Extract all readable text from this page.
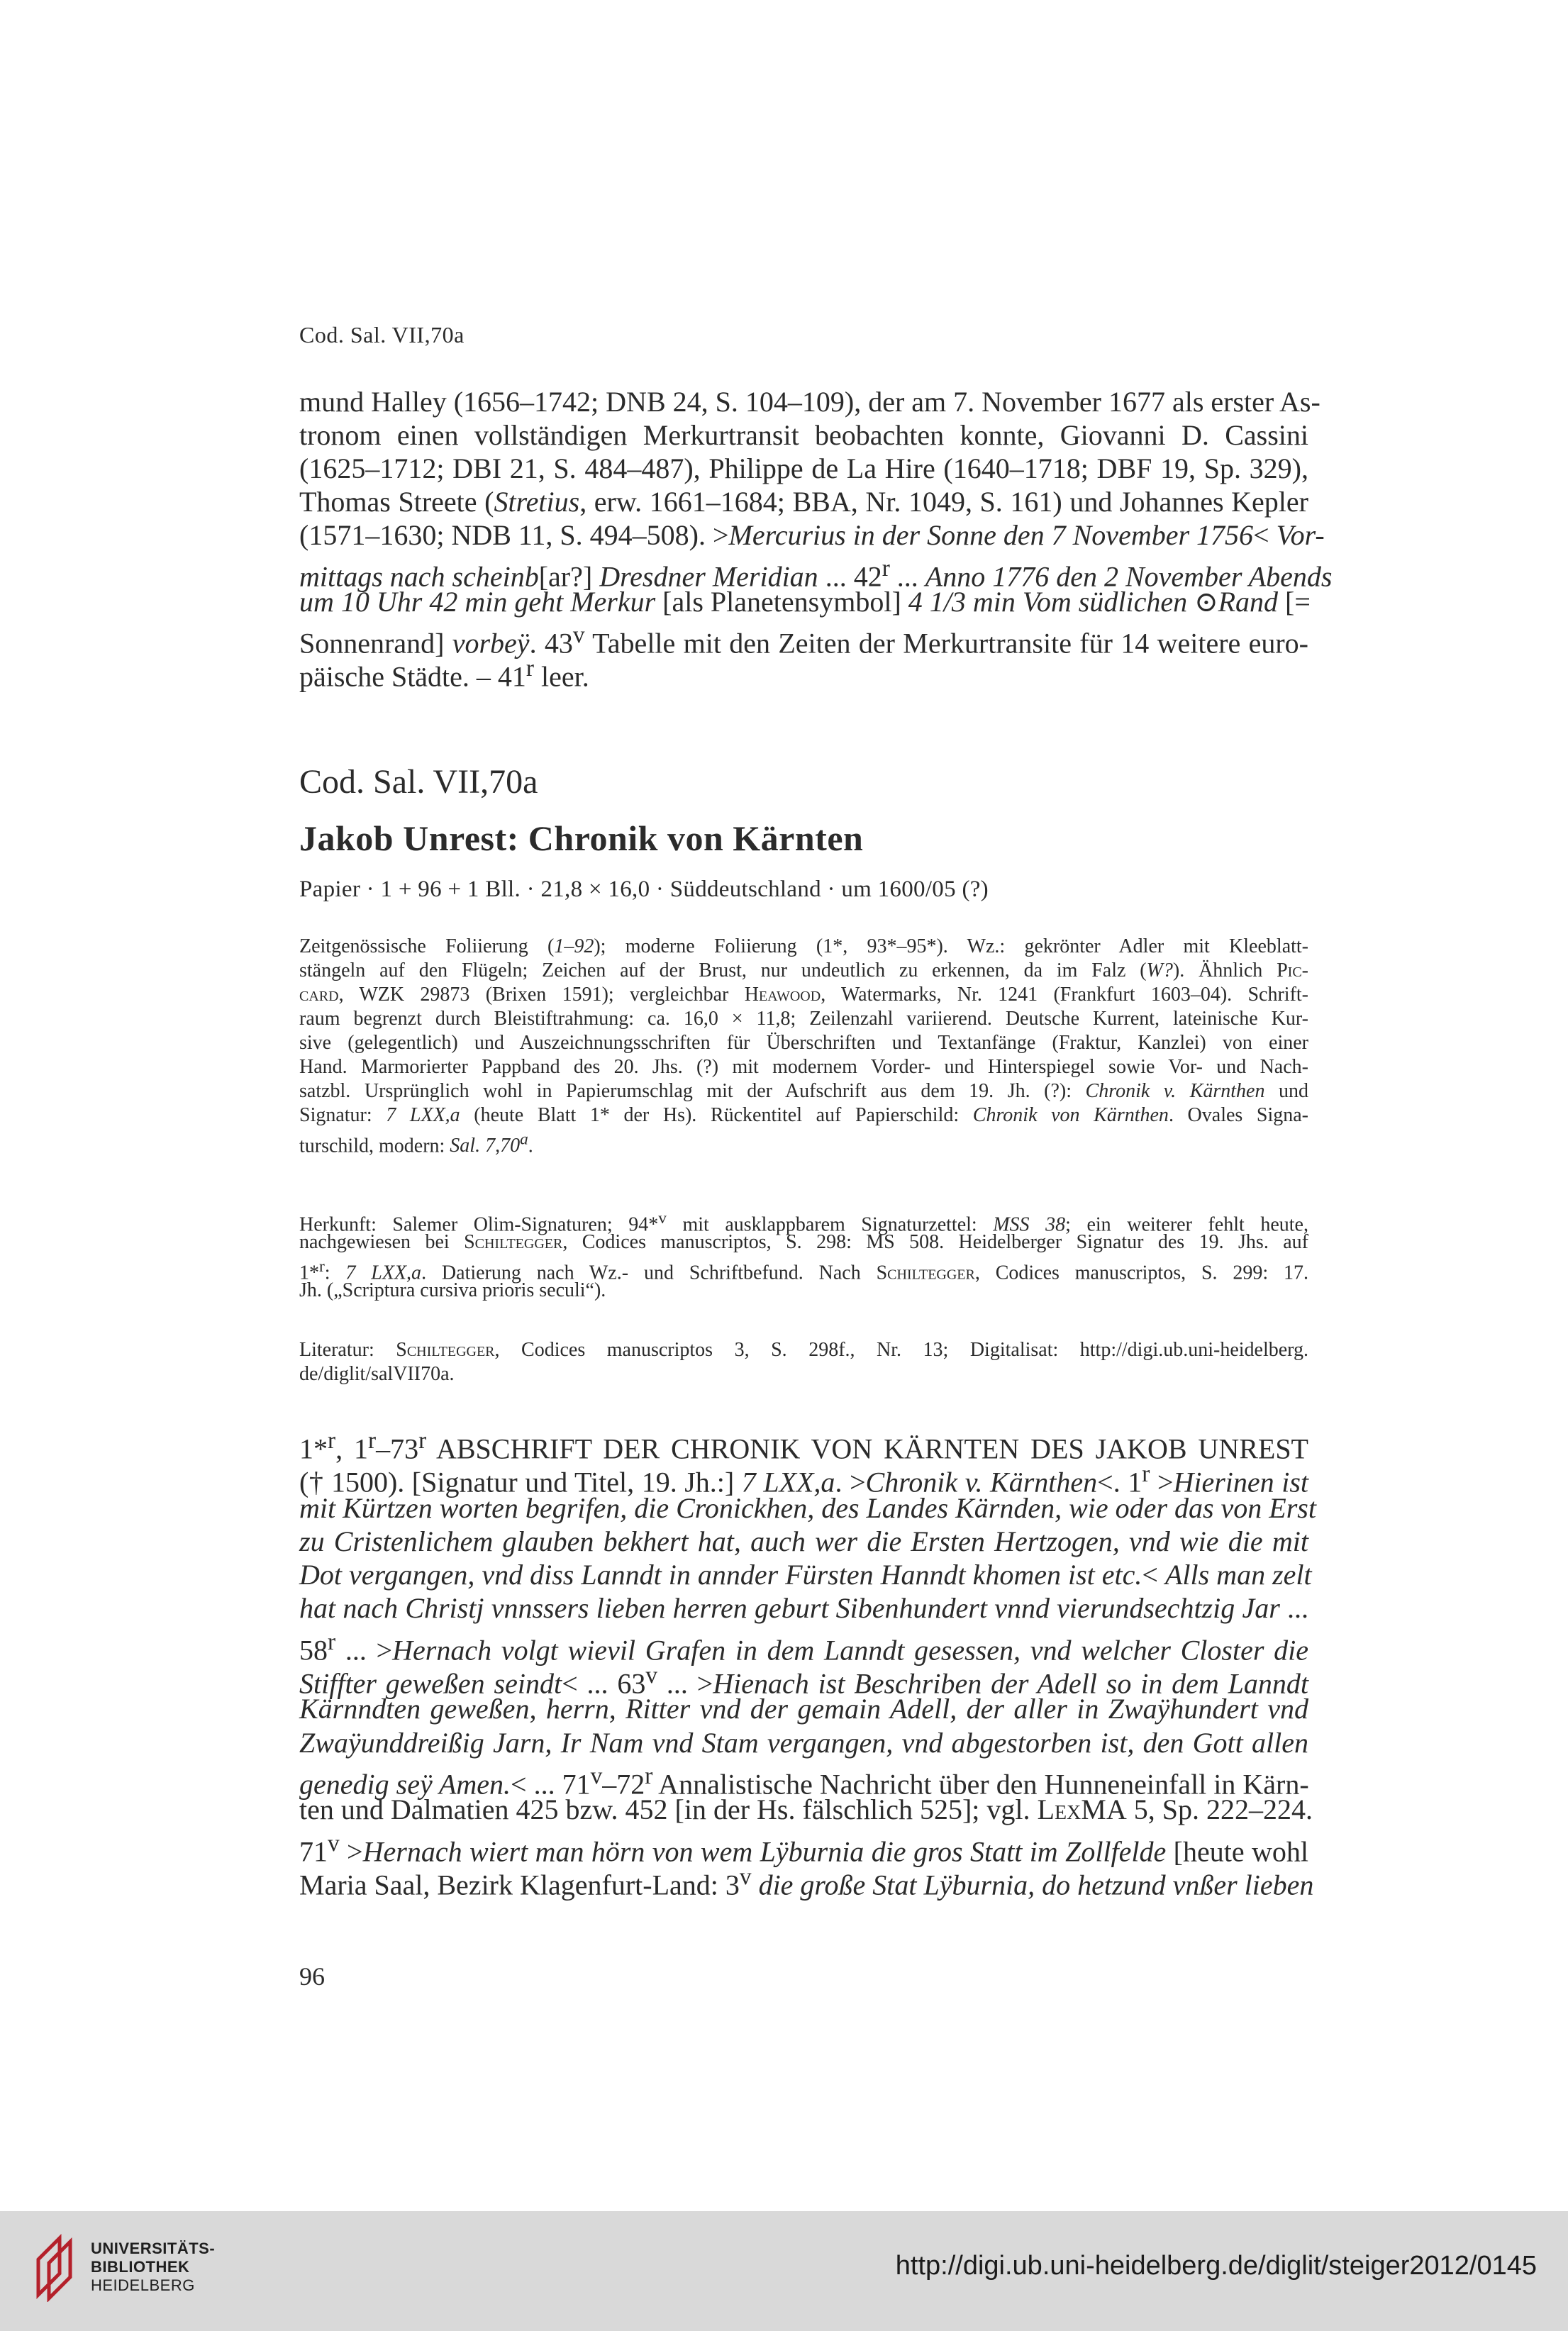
Cod. Sal. VII,70a
mund Halley (1656–1742; DNB 24, S. 104–109), der am 7. November 1677 als erster As-
tronom einen vollständigen Merkurtransit beobachten konnte, Giovanni D. Cassini
(1625–1712; DBI 21, S. 484–487), Philippe de La Hire (1640–1718; DBF 19, Sp. 329),
Thomas Streete (Stretius, erw. 1661–1684; BBA, Nr. 1049, S. 161) und Johannes Kepler
(1571–1630; NDB 11, S. 494–508). >Mercurius in der Sonne den 7 November 1756< Vor-
mittags nach scheinb[ar?] Dresdner Meridian ... 42$^r$ ... Anno 1776 den 2 November Abends
um 10 Uhr 42 min geht Merkur [als Planetensymbol] 4 1/3 min Vom südlichen ⊙Rand [=
Sonnenrand] vorbeÿ. 43$^v$ Tabelle mit den Zeiten der Merkurtransite für 14 weitere euro-
päische Städte. – 41$^r$ leer.
Cod. Sal. VII,70a
Jakob Unrest: Chronik von Kärnten
Papier · 1 + 96 + 1 Bll. · 21,8 × 16,0 · Süddeutschland · um 1600/05 (?)
Zeitgenössische Foliierung (1–92); moderne Foliierung (1*, 93*–95*). Wz.: gekrönter Adler mit Kleeblatt-
stängeln auf den Flügeln; Zeichen auf der Brust, nur undeutlich zu erkennen, da im Falz (W?). Ähnlich Pic-
card, WZK 29873 (Brixen 1591); vergleichbar Heawood, Watermarks, Nr. 1241 (Frankfurt 1603–04). Schrift-
raum begrenzt durch Bleistiftrahmung: ca. 16,0 × 11,8; Zeilenzahl variierend. Deutsche Kurrent, lateinische Kur-
sive (gelegentlich) und Auszeichnungsschriften für Überschriften und Textanfänge (Fraktur, Kanzlei) von einer
Hand. Marmorierter Pappband des 20. Jhs. (?) mit modernem Vorder- und Hinterspiegel sowie Vor- und Nach-
satzbl. Ursprünglich wohl in Papierumschlag mit der Aufschrift aus dem 19. Jh. (?): Chronik v. Kärnthen und
Signatur: 7 LXX,a (heute Blatt 1* der Hs). Rückentitel auf Papierschild: Chronik von Kärnthen. Ovales Signa-
turschild, modern: Sal. 7,70$^a$.
Herkunft: Salemer Olim-Signaturen; 94*$^v$ mit ausklappbarem Signaturzettel: MSS 38; ein weiterer fehlt heute,
nachgewiesen bei Schiltegger, Codices manuscriptos, S. 298: MS 508. Heidelberger Signatur des 19. Jhs. auf
1*$^r$: 7 LXX,a. Datierung nach Wz.- und Schriftbefund. Nach Schiltegger, Codices manuscriptos, S. 299: 17.
Jh. („Scriptura cursiva prioris seculi“).
Literatur: Schiltegger, Codices manuscriptos 3, S. 298f., Nr. 13; Digitalisat: http://digi.ub.uni-heidelberg.
de/diglit/salVII70a.
1*$^r$, 1$^r$–73$^r$ ABSCHRIFT DER CHRONIK VON KÄRNTEN DES JAKOB UNREST
(† 1500). [Signatur und Titel, 19. Jh.:] 7 LXX,a. >Chronik v. Kärnthen<. $1^r$ >Hierinen ist
mit Kürtzen worten begrifen, die Cronickhen, des Landes Kärnden, wie oder das von Erst
zu Cristenlichem glauben bekhert hat, auch wer die Ersten Hertzogen, vnd wie die mit
Dot vergangen, vnd diss Lanndt in annder Fürsten Hanndt khomen ist etc.< Alls man zelt
hat nach Christj vnnssers lieben herren geburt Sibenhundert vnnd vierundsechtzig Jar ...
58$^r$ ... >Hernach volgt wievil Grafen in dem Lanndt gesessen, vnd welcher Closter die
Stiffter geweßen seindt< ... 63$^v$ ... >Hienach ist Beschriben der Adell so in dem Lanndt
Kärnndten geweßen, herrn, Ritter vnd der gemain Adell, der aller in Zwaÿhundert vnd
Zwaÿunddreißig Jarn, Ir Nam vnd Stam vergangen, vnd abgestorben ist, den Gott allen
genedig seÿ Amen.< ... 71$^v$–72$^r$ Annalistische Nachricht über den Hunneneinfall in Kärn-
ten und Dalmatien 425 bzw. 452 [in der Hs. fälschlich 525]; vgl. LexMA 5, Sp. 222–224.
$71^v$ >Hernach wiert man hörn von wem Lÿburnia die gros Statt im Zollfelde [heute wohl
Maria Saal, Bezirk Klagenfurt-Land: 3$^v$ die große Stat Lÿburnia, do hetzund vnßer lieben
96
UNIVERSITÄTS-
BIBLIOTHEK
HEIDELBERG
http://digi.ub.uni-heidelberg.de/diglit/steiger2012/0145
